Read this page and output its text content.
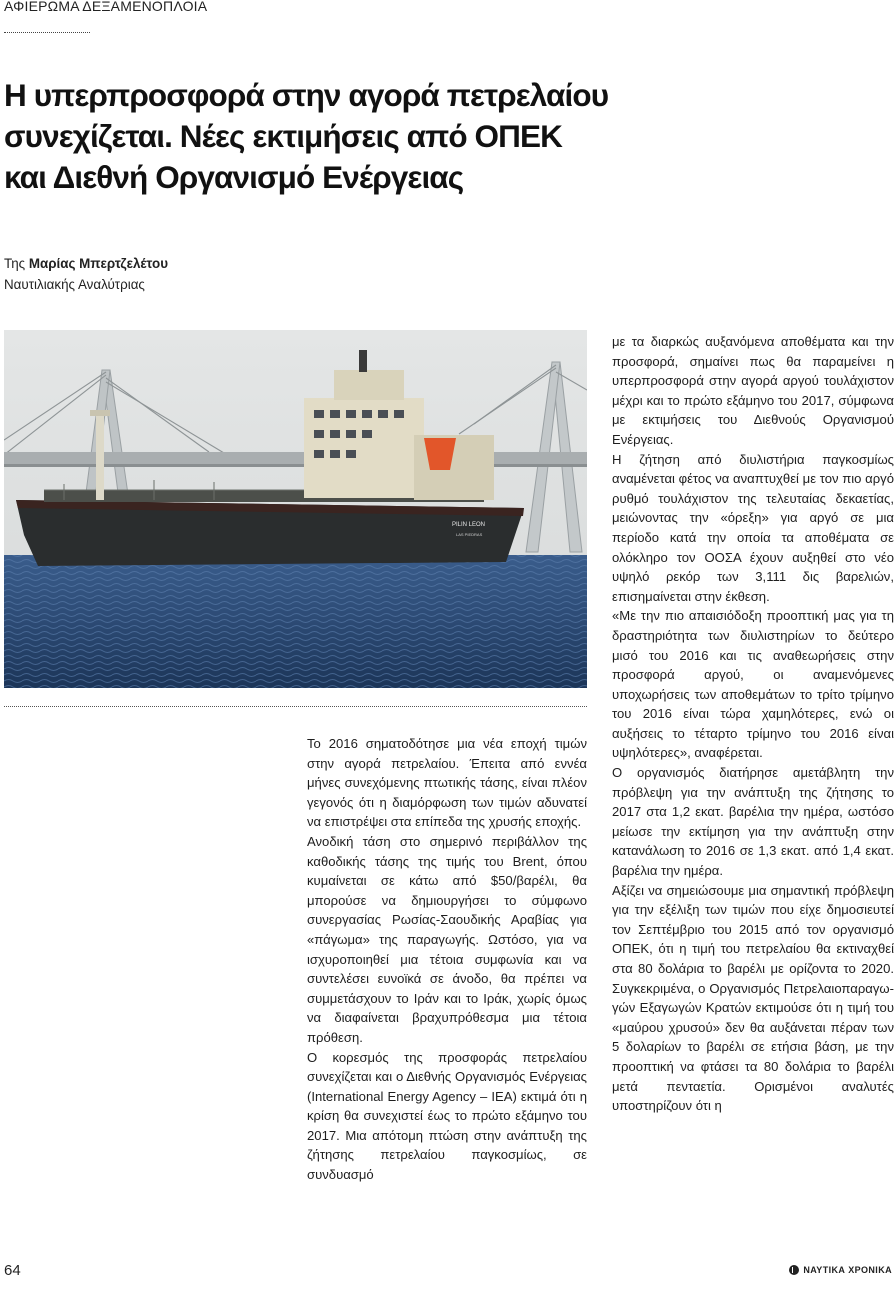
ΑΦΙΕΡΩΜΑ ΔΕΞΑΜΕΝΟΠΛΟΙΑ
Η υπερπροσφορά στην αγορά πετρελαίου
συνεχίζεται. Νέες εκτιμήσεις από ΟΠΕΚ
και Διεθνή Οργανισμό Ενέργειας
Της Μαρίας Μπερτζελέτου
Ναυτιλιακής Αναλύτριας
PILIN LEON
LAS PIEDRAS

Το 2016 σηματοδότησε μια νέα εποχή τιμών στην αγορά πετρελαίου. Έπειτα από εννέα μήνες συνεχόμενης πτωτικής τάσης, είναι πλέον γεγονός ότι η διαμόρφωση των τιμών αδυνατεί να επιστρέψει στα επίπεδα της χρυσής εποχής.

Ανοδική τάση στο σημερινό περιβάλλον της καθοδικής τάσης της τιμής του Brent, όπου κυμαίνεται σε κάτω από $50/βαρέλι, θα μπορούσε να δημιουργήσει το σύμφωνο συνεργασίας Ρωσίας-Σαουδικής Αραβίας για «πάγωμα» της παραγωγής. Ωστόσο, για να ισχυροποιηθεί μια τέτοια συμφωνία και να συντελέσει ευνοϊκά σε άνοδο, θα πρέπει να συμμετάσχουν το Ιράν και το Ιράκ, χωρίς όμως να διαφαίνεται βραχυπρόθεσμα μια τέτοια πρόθεση.

Ο κορεσμός της προσφοράς πετρελαίου συνεχίζεται και ο Διεθνής Οργανισμός Ενέργειας (International Energy Agency – IEA) εκτιμά ότι η κρίση θα συνεχιστεί έως το πρώτο εξάμηνο του 2017. Μια απότομη πτώση στην ανάπτυξη της ζήτησης πετρελαίου παγκοσμίως, σε συνδυασμό

με τα διαρκώς αυξανόμενα αποθέματα και την προσφορά, σημαίνει πως θα παραμείνει η υπερπροσφορά στην αγορά αργού τουλάχιστον μέχρι και το πρώτο εξάμηνο του 2017, σύμφωνα με εκτιμήσεις του Διεθνούς Οργανισμού Ενέργειας.

Η ζήτηση από διυλιστήρια παγκοσμίως αναμένεται φέτος να αναπτυχθεί με τον πιο αργό ρυθμό τουλάχιστον της τελευταίας δεκαετίας, μειώνοντας την «όρεξη» για αργό σε μια περίοδο κατά την οποία τα αποθέματα σε ολόκληρο τον ΟΟΣΑ έχουν αυξηθεί στο νέο υψηλό ρεκόρ των 3,111 δις βαρελιών, επισημαίνεται στην έκθεση.

«Με την πιο απαισιόδοξη προοπτική μας για τη δραστηριότητα των διυλιστηρίων το δεύτερο μισό του 2016 και τις αναθεωρήσεις στην προσφορά αργού, οι αναμενόμενες υποχωρήσεις των αποθεμάτων το τρίτο τρίμηνο του 2016 είναι τώρα χαμηλότερες, ενώ οι αυξήσεις το τέταρτο τρίμηνο του 2016 είναι υψηλότερες», αναφέρεται.

Ο οργανισμός διατήρησε αμετάβλητη την πρόβλεψη για την ανάπτυξη της ζήτησης το 2017 στα 1,2 εκατ. βαρέλια την ημέρα, ωστόσο μείωσε την εκτίμηση για την ανάπτυξη στην κατανάλωση το 2016 σε 1,3 εκατ. από 1,4 εκατ. βαρέλια την ημέρα.

Αξίζει να σημειώσουμε μια σημαντική πρόβλεψη για την εξέλιξη των τιμών που είχε δημοσιευτεί τον Σεπτέμβριο του 2015 από τον οργανισμό ΟΠΕΚ, ότι η τιμή του πετρελαίου θα εκτιναχθεί στα 80 δολάρια το βαρέλι με ορίζοντα το 2020. Συγκεκριμένα, ο Οργανισμός Πετρελαιοπαραγωγών Εξαγωγών Κρατών εκτιμούσε ότι η τιμή του «μαύρου χρυσού» δεν θα αυξάνεται πέραν των 5 δολαρίων το βαρέλι σε ετήσια βάση, με την προοπτική να φτάσει τα 80 δολάρια το βαρέλι μετά πενταετία. Ορισμένοι αναλυτές υποστηρίζουν ότι η

64	ΝΑΥΤΙΚΑ ΧΡΟΝΙΚΑ
